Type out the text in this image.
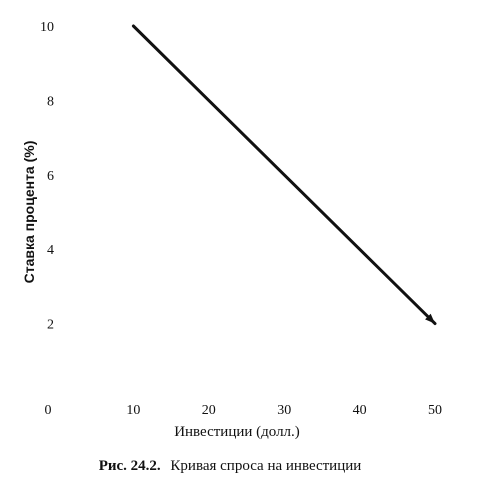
0	10	20	30	40	50
2
4
6
8
10
Инвестиции (долл.)
Ставка процента (%)
Рис. 24.2. Кривая спроса на инвестиции
